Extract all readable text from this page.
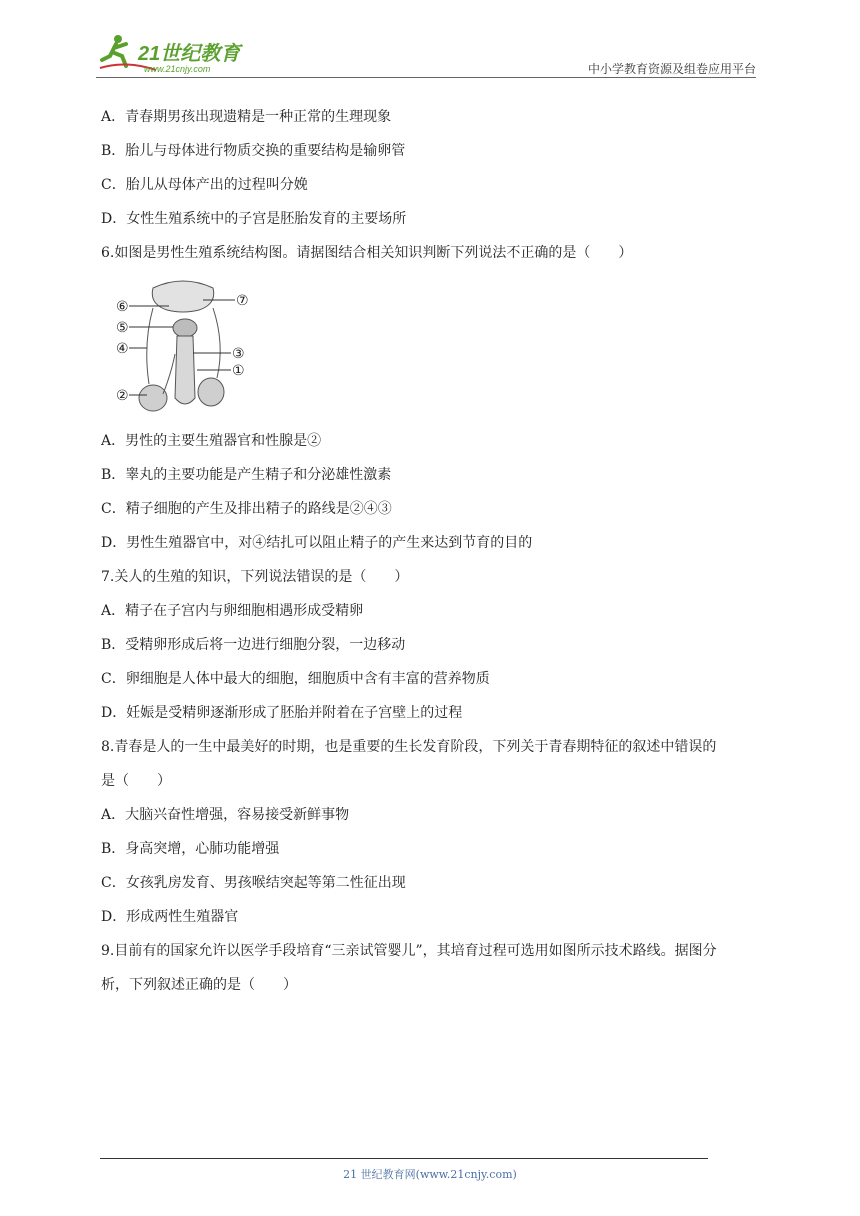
21世纪教育
www.21cnjy.com	中小学教育资源及组卷应用平台
A．青春期男孩出现遗精是一种正常的生理现象
B．胎儿与母体进行物质交换的重要结构是输卵管
C．胎儿从母体产出的过程叫分娩
D．女性生殖系统中的子宫是胚胎发育的主要场所
6.如图是男性生殖系统结构图。请据图结合相关知识判断下列说法不正确的是（　　）
A．男性的主要生殖器官和性腺是②
B．睾丸的主要功能是产生精子和分泌雄性激素
C．精子细胞的产生及排出精子的路线是②④③
D．男性生殖器官中，对④结扎可以阻止精子的产生来达到节育的目的
7.关人的生殖的知识，下列说法错误的是（　　）
A．精子在子宫内与卵细胞相遇形成受精卵
B．受精卵形成后将一边进行细胞分裂，一边移动
C．卵细胞是人体中最大的细胞，细胞质中含有丰富的营养物质
D．妊娠是受精卵逐渐形成了胚胎并附着在子宫壁上的过程
8.青春是人的一生中最美好的时期，也是重要的生长发育阶段，下列关于青春期特征的叙述中错误的
是（　　）
A．大脑兴奋性增强，容易接受新鲜事物
B．身高突增，心肺功能增强
C．女孩乳房发育、男孩喉结突起等第二性征出现
D．形成两性生殖器官
9.目前有的国家允许以医学手段培育“三亲试管婴儿”，其培育过程可选用如图所示技术路线。据图分
析，下列叙述正确的是（　　）
⑥
⑤
④
②
⑦
③
①
21 世纪教育网(www.21cnjy.com)
